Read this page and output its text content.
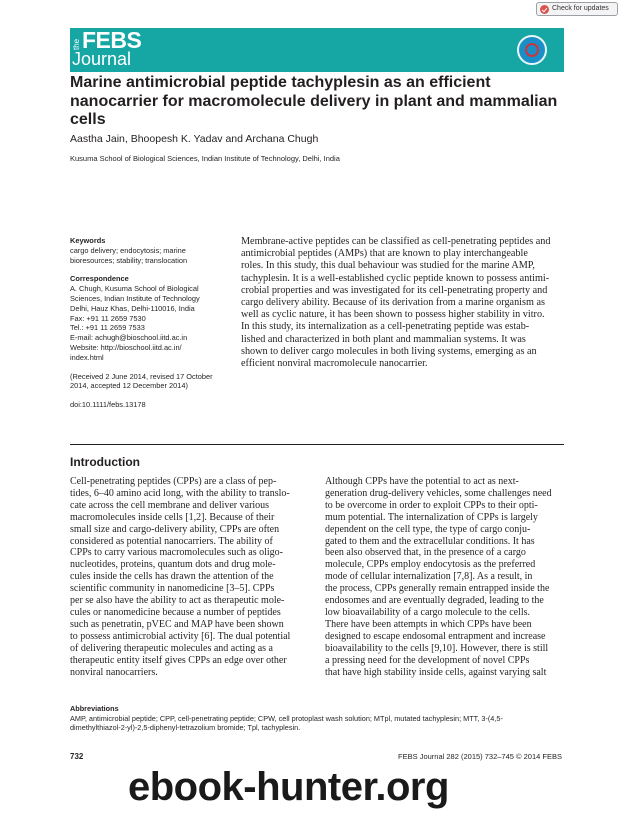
Check for updates
the FEBS
Journal
Marine antimicrobial peptide tachyplesin as an efficient nanocarrier for macromolecule delivery in plant and mammalian cells
Aastha Jain, Bhoopesh K. Yadav and Archana Chugh
Kusuma School of Biological Sciences, Indian Institute of Technology, Delhi, India
Keywords
cargo delivery; endocytosis; marine
bioresources; stability; translocation
Correspondence
A. Chugh, Kusuma School of Biological
Sciences, Indian Institute of Technology
Delhi, Hauz Khas, Delhi-110016, India
Fax: +91 11 2659 7530
Tel.: +91 11 2659 7533
E-mail: achugh@bioschool.iitd.ac.in
Website: http://bioschool.iitd.ac.in/
index.html
(Received 2 June 2014, revised 17 October
2014, accepted 12 December 2014)
doi:10.1111/febs.13178
Membrane-active peptides can be classified as cell-penetrating peptides and
antimicrobial peptides (AMPs) that are known to play interchangeable
roles. In this study, this dual behaviour was studied for the marine AMP,
tachyplesin. It is a well-established cyclic peptide known to possess antimi-
crobial properties and was investigated for its cell-penetrating property and
cargo delivery ability. Because of its derivation from a marine organism as
well as cyclic nature, it has been shown to possess higher stability in vitro.
In this study, its internalization as a cell-penetrating peptide was estab-
lished and characterized in both plant and mammalian systems. It was
shown to deliver cargo molecules in both living systems, emerging as an
efficient nonviral macromolecule nanocarrier.
Introduction
Cell-penetrating peptides (CPPs) are a class of pep-
tides, 6–40 amino acid long, with the ability to translo-
cate across the cell membrane and deliver various
macromolecules inside cells [1,2]. Because of their
small size and cargo-delivery ability, CPPs are often
considered as potential nanocarriers. The ability of
CPPs to carry various macromolecules such as oligo-
nucleotides, proteins, quantum dots and drug mole-
cules inside the cells has drawn the attention of the
scientific community in nanomedicine [3–5]. CPPs
per se also have the ability to act as therapeutic mole-
cules or nanomedicine because a number of peptides
such as penetratin, pVEC and MAP have been shown
to possess antimicrobial activity [6]. The dual potential
of delivering therapeutic molecules and acting as a
therapeutic entity itself gives CPPs an edge over other
nonviral nanocarriers.
Although CPPs have the potential to act as next-
generation drug-delivery vehicles, some challenges need
to be overcome in order to exploit CPPs to their opti-
mum potential. The internalization of CPPs is largely
dependent on the cell type, the type of cargo conju-
gated to them and the extracellular conditions. It has
been also observed that, in the presence of a cargo
molecule, CPPs employ endocytosis as the preferred
mode of cellular internalization [7,8]. As a result, in
the process, CPPs generally remain entrapped inside the
endosomes and are eventually degraded, leading to the
low bioavailability of a cargo molecule to the cells.
There have been attempts in which CPPs have been
designed to escape endosomal entrapment and increase
bioavailability to the cells [9,10]. However, there is still
a pressing need for the development of novel CPPs
that have high stability inside cells, against varying salt
Abbreviations
AMP, antimicrobial peptide; CPP, cell-penetrating peptide; CPW, cell protoplast wash solution; MTpl, mutated tachyplesin; MTT, 3-(4,5-
dimethylthiazol-2-yl)-2,5-diphenyl-tetrazolium bromide; Tpl, tachyplesin.
732	FEBS Journal 282 (2015) 732–745 © 2014 FEBS
ebook-hunter.org
